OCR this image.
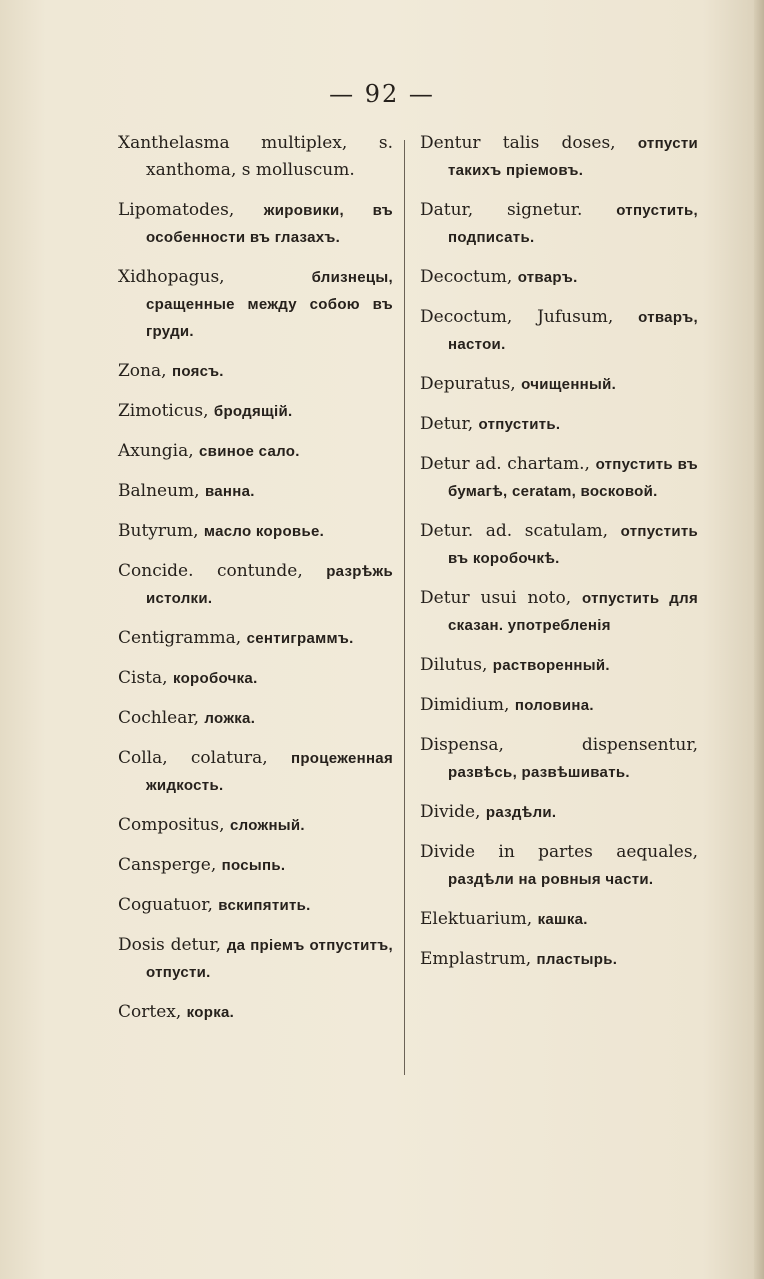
— 92 —
Xanthelasma multiplex, s. xanthoma, s molluscum.
Lipomatodes, жировики, въ особенности въ глазахъ.
Xidhopagus,	близнецы, сращенные между собою въ груди.
Zona, поясъ.
Zimoticus, бродящій.
Axungia, свиное сало.
Balneum, ванна.
Butyrum, масло коровье.
Concide. contunde, разрѣжь истолки.
Centigramma, сентиграммъ.
Cista, коробочка.
Cochlear, ложка.
Colla, colatura, процеженная жидкость.
Compositus, сложный.
Cansperge, посыпь.
Coguatuor, вскипятить.
Dosis detur, да пріемъ отпуститъ, отпусти.
Cortex, корка.
Dentur talis doses, отпусти такихъ пріемовъ.
Datur, signetur. отпустить, подписать.
Decoctum, отваръ.
Decoctum, Jufusum, отваръ, настои.
Depuratus, очищенный.
Detur, отпустить.
Detur ad. chartam., отпустить въ бумагѣ, ceratam, восковой.
Detur. ad. scatulam, отпустить въ коробочкѣ.
Detur usui noto, отпустить для сказан. употребленія
Dilutus, растворенный.
Dimidium, половина.
Dispensa, dispensentur, развѣсь, развѣшивать.
Divide, раздѣли.
Divide in partes aequales, раздѣли на ровныя части.
Elektuarium, кашка.
Emplastrum, пластырь.
